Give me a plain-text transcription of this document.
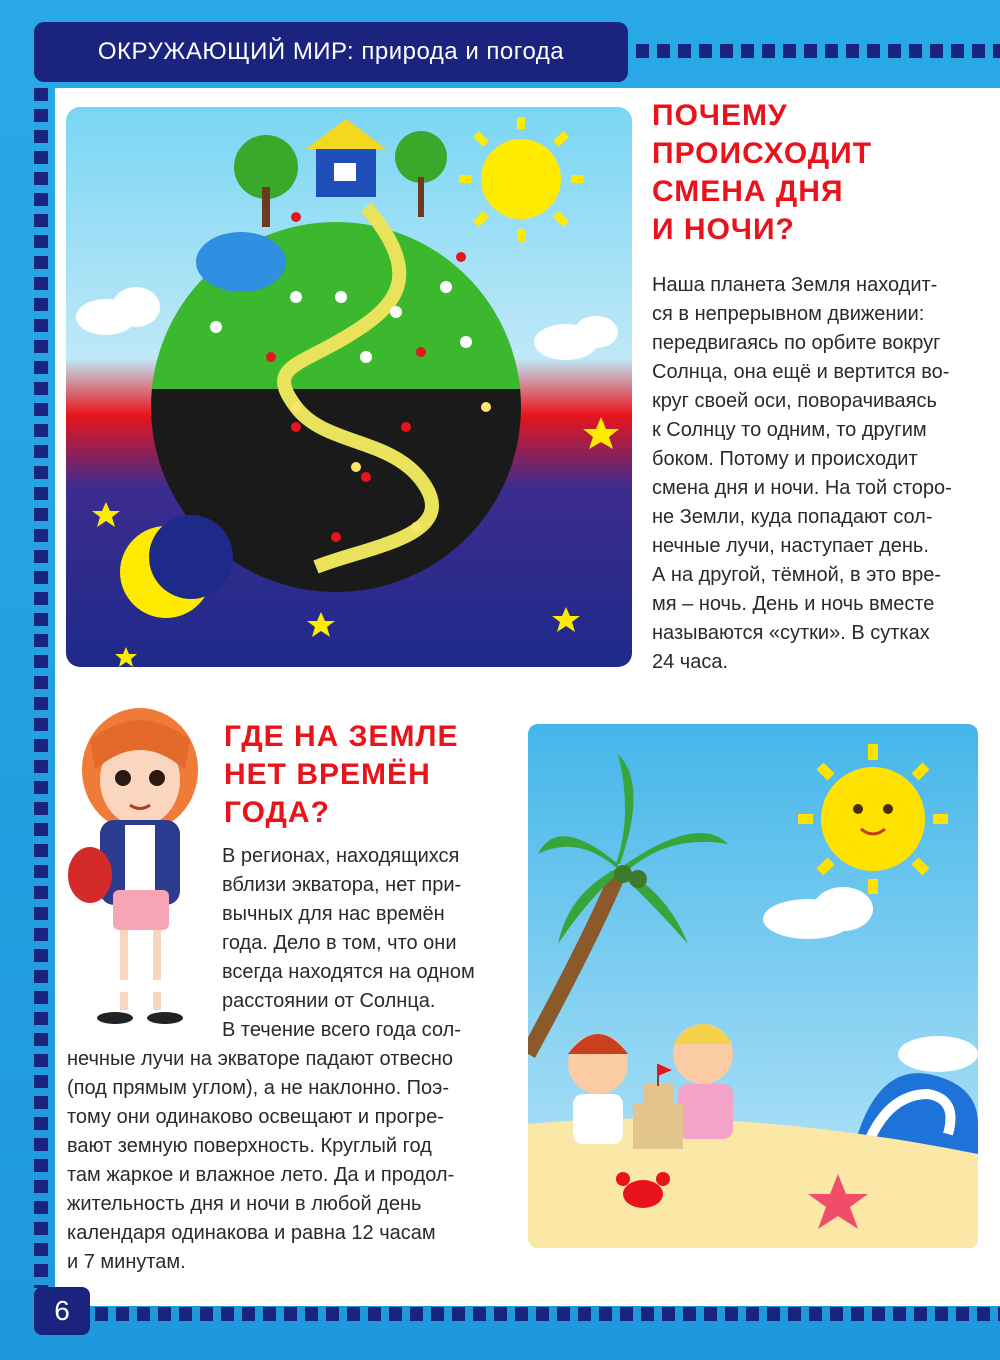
ОКРУЖАЮЩИЙ МИР: природа и погода
ПОЧЕМУ
ПРОИСХОДИТ
СМЕНА ДНЯ
И НОЧИ?
Наша планета Земля находит-
ся в непрерывном движении:
передвигаясь по орбите вокруг
Солнца, она ещё и вертится во-
круг своей оси, поворачиваясь
к Солнцу то одним, то другим
боком. Потому и происходит
смена дня и ночи. На той сторо-
не Земли, куда попадают сол-
нечные лучи, наступает день.
А на другой, тёмной, в это вре-
мя – ночь. День и ночь вместе
называются «сутки». В сутках
24 часа.
ГДЕ НА ЗЕМЛЕ
НЕТ ВРЕМЁН
ГОДА?
В регионах, находящихся
вблизи экватора, нет при-
вычных для нас времён
года. Дело в том, что они
всегда находятся на одном
расстоянии от Солнца.
В течение всего года сол-
нечные лучи на экваторе падают отвесно
(под прямым углом), а не наклонно. Поэ-
тому они одинаково освещают и прогре-
вают земную поверхность. Круглый год
там жаркое и влажное лето. Да и продол-
жительность дня и ночи в любой день
календаря одинакова и равна 12 часам
и 7 минутам.
6
